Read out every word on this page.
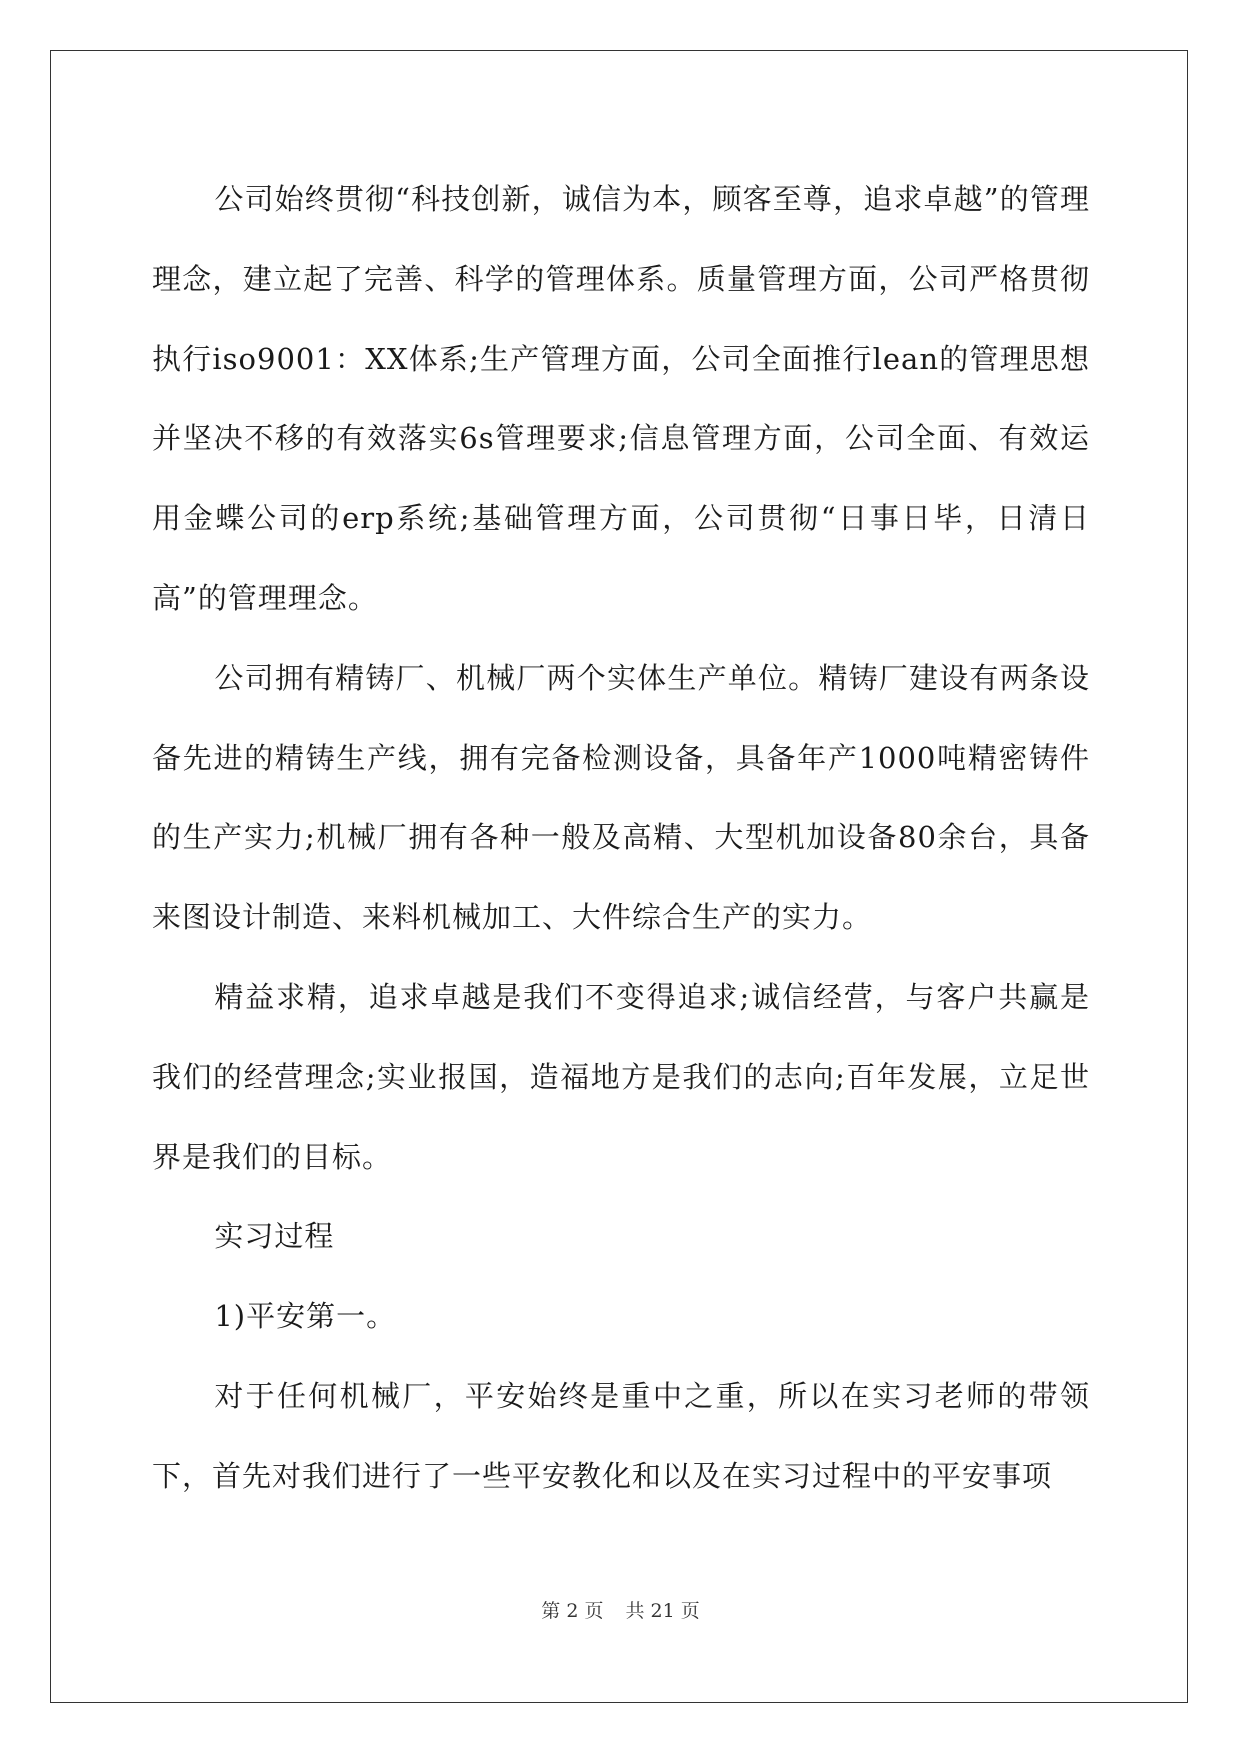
公司始终贯彻“科技创新，诚信为本，顾客至尊，追求卓越”的管理理念，建立起了完善、科学的管理体系。质量管理方面，公司严格贯彻执行iso9001：XX体系;生产管理方面，公司全面推行lean的管理思想并坚决不移的有效落实6s管理要求;信息管理方面，公司全面、有效运用金蝶公司的erp系统;基础管理方面，公司贯彻“日事日毕，日清日高”的管理理念。

公司拥有精铸厂、机械厂两个实体生产单位。精铸厂建设有两条设备先进的精铸生产线，拥有完备检测设备，具备年产1000吨精密铸件的生产实力;机械厂拥有各种一般及高精、大型机加设备80余台，具备来图设计制造、来料机械加工、大件综合生产的实力。

精益求精，追求卓越是我们不变得追求;诚信经营，与客户共赢是我们的经营理念;实业报国，造福地方是我们的志向;百年发展，立足世界是我们的目标。

实习过程

1)平安第一。

对于任何机械厂，平安始终是重中之重，所以在实习老师的带领下，首先对我们进行了一些平安教化和以及在实习过程中的平安事项

第 2 页 共 21 页
